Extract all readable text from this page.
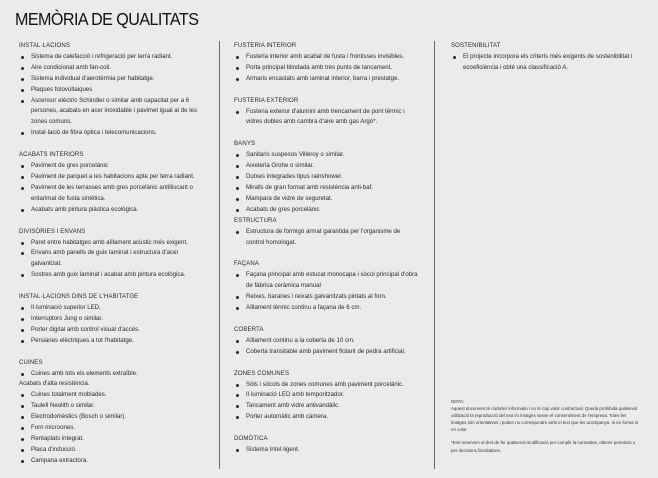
MEMÒRIA DE QUALITATS
INSTAL·LACIONS
Sistema de calefacció i refrigeració per terra radiant.
Aire condicionat amb fan-coil.
Sistema individual d'aerotèrmia per habitatge.
Plaques fotovoltaiques
Ascensor elèctric Schindler o similar amb capacitat per a 6 persones, acabats en acer inoxidable i pavimet igual al de les zones comuns.
Instal·lació de fibra òptica i telecomunicacions.
ACABATS INTERIORS
Paviment de gres porcelànic
Paviment de parquet a les habitacions apte per terra radiant.
Paviment de les terrasses amb gres porcelànic antilliscant o entarimat de fusta sintètica.
Acabats amb pintura plàstica ecològica.
DIVISÒRIES I ENVANS
Paret entre habitatges amb aïllament acústic més exigent.
Envans amb panells de guix laminat i estructura d'acer galvanitzat.
Sostres amb guix laminat i acabat amb pintura ecològica.
INSTAL·LACIONS DINS DE L'HABITATGE
Il·luminació superior LED.
Interruptors Jung o similar.
Porter digital amb control visual d'accés.
Persianes elèctriques a tot l'habitatge.
CUINES
Cuines amb tots els elements extraïble.
Acabats d'alta resistència.
Cuines totalment moblades.
Taulell Neolith o similar.
Electrodomèstics (Bosch o similar).
Forn microones.
Rentaplats integrat.
Placa d'inducció.
Campana extractora.
FUSTERIA INTERIOR
Fusteria interior amb acabat de fusta i frontisses invisibles.
Porta principal blindada amb tres punts de tancament.
Armaris encastats amb laminat interior, barra i prestatge.
FUSTERIA EXTERIOR
Fusteria exterior d'alumini amb trencament de pont tèrmic i vidres dobles amb cambra d'aire amb gas Argó*.
BANYS
Sanitaris suspesos Villeroy o similar.
Aixeteria Grohe o similar.
Dutxes integrades tipus rainshower.
Miralls de gran format amb resistència anti-baf.
Mampara de vidre de seguretat.
Acabats de gres porcelànic
ESTRUCTURA
Estructura de formigó armat garantida per l'organisme de control homologat.
FAÇANA
Façana principal amb estucat monocapa i sòcol principal d'obra de fàbrica ceràmica manual
Reixes, baranes i reixats galvanitzats pintats al forn.
Aïllament tèrmic continu a façana de 6 cm.
COBERTA
Aïllament continu a la coberta de 10 cm.
Coberta transitable amb paviment flotant de pedra artificial.
ZONES COMUNES
Sòls i sòcols de zones comunes amb paviment porcelànic.
Il·luminació LED amb temporitzador.
Tancament amb vidre antivandàlic.
Porter automàtic amb càmera.
DOMÒTICA
Sistema Intel·ligent.
SOSTENIBILITAT
El projecte incorpora els criteris més exigents de sostenibilitat i ecoeficiència i obté una classificació A.

NOTA:
Aquest document té caràcter informatiu i no té cap valor contractual. Queda prohibida qualsevol utilització la reproducció del text i/o imatges sense el consentiment de l'empresa. Totes les imatges són orientatives i poden no correspondre amb el text que les acompanya, ni en forma ni en color.

*Ens reservem el dret de fer qualsevol modificació per complir la normativa, obtenir permisos o per decisions facultatives.
